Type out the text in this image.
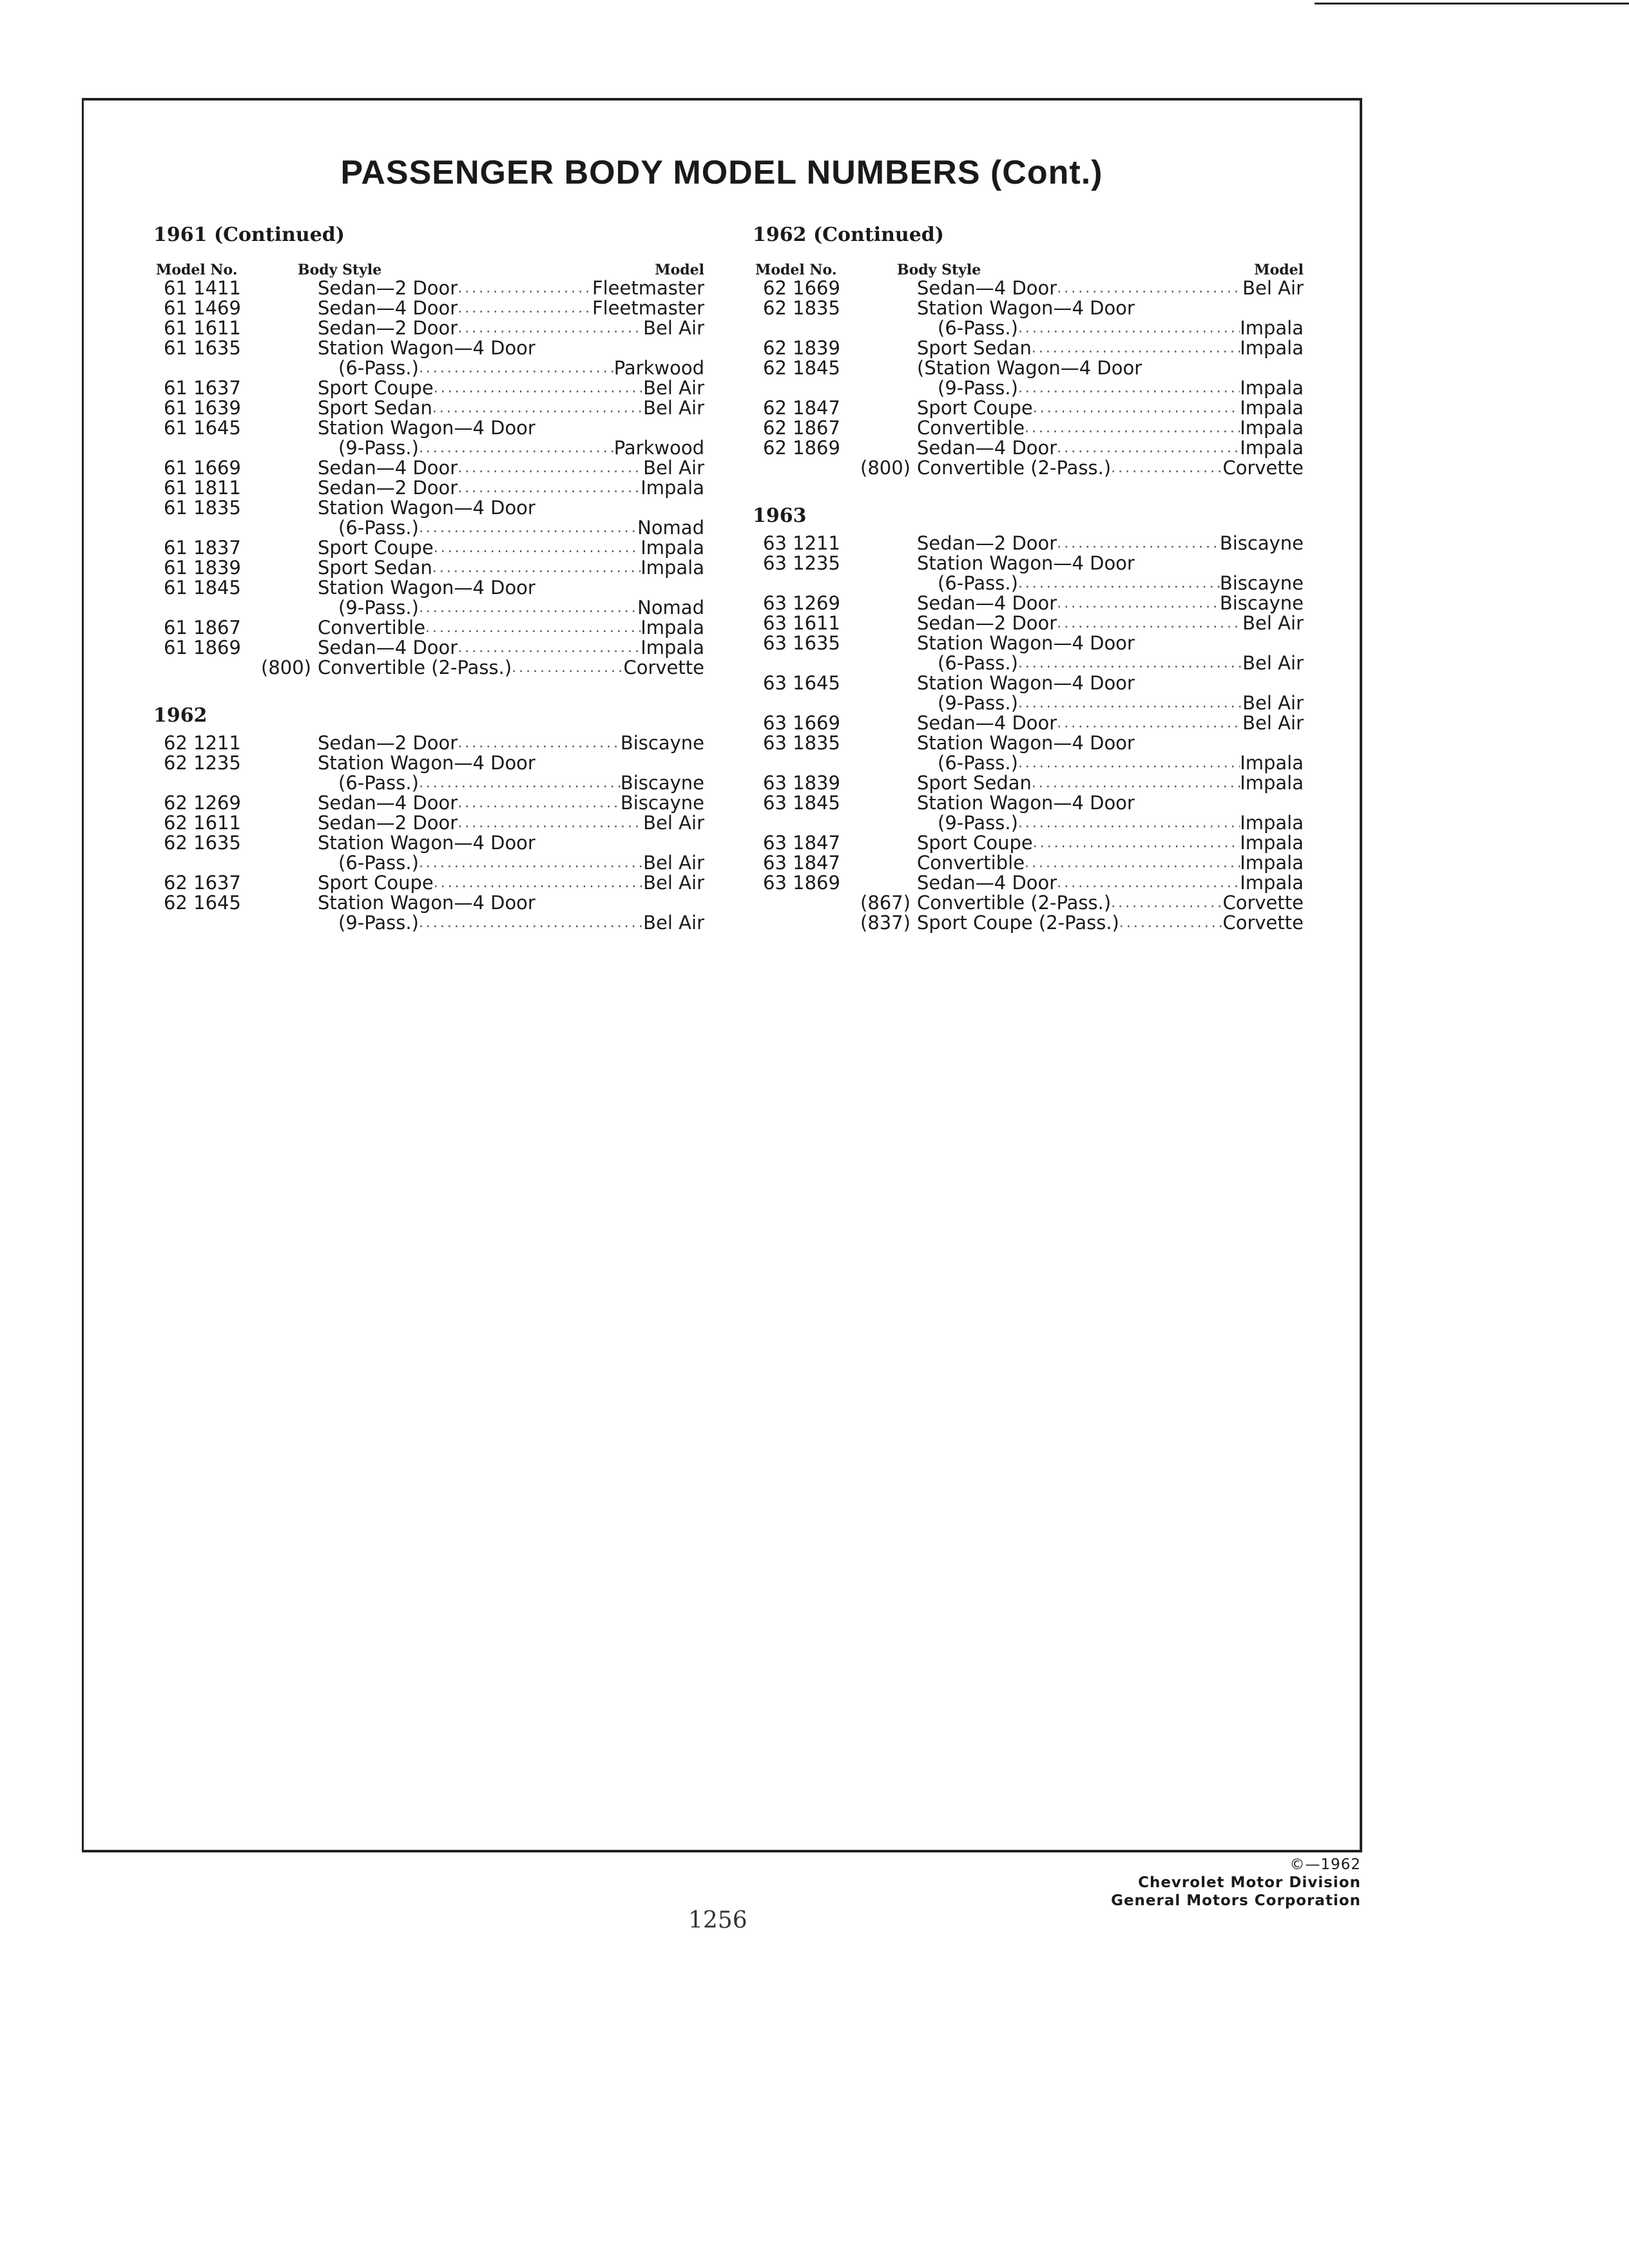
PASSENGER BODY MODEL NUMBERS (Cont.)
1961 (Continued)
Model No.	Body Style	Model
61 1411	Sedan—2 Door .....	Fleetmaster
61 1469	Sedan—4 Door .....	Fleetmaster
61 1611	Sedan—2 Door .....	Bel Air
61 1635	Station Wagon—4 Door
(6-Pass.) .....	Parkwood
61 1637	Sport Coupe .....	Bel Air
61 1639	Sport Sedan .....	Bel Air
61 1645	Station Wagon—4 Door
(9-Pass.) .....	Parkwood
61 1669	Sedan—4 Door .....	Bel Air
61 1811	Sedan—2 Door .....	Impala
61 1835	Station Wagon—4 Door
(6-Pass.) .....	Nomad
61 1837	Sport Coupe .....	Impala
61 1839	Sport Sedan .....	Impala
61 1845	Station Wagon—4 Door
(9-Pass.) .....	Nomad
61 1867	Convertible .....	Impala
61 1869	Sedan—4 Door .....	Impala
(800) Convertible (2-Pass.) .....	Corvette
1962
62 1211	Sedan—2 Door .....	Biscayne
62 1235	Station Wagon—4 Door
(6-Pass.) .....	Biscayne
62 1269	Sedan—4 Door .....	Biscayne
62 1611	Sedan—2 Door .....	Bel Air
62 1635	Station Wagon—4 Door
(6-Pass.) .....	Bel Air
62 1637	Sport Coupe .....	Bel Air
62 1645	Station Wagon—4 Door
(9-Pass.) .....	Bel Air
1962 (Continued)
Model No.	Body Style	Model
62 1669	Sedan—4 Door .....	Bel Air
62 1835	Station Wagon—4 Door
(6-Pass.) .....	Impala
62 1839	Sport Sedan .....	Impala
62 1845	(Station Wagon—4 Door
(9-Pass.) .....	Impala
62 1847	Sport Coupe .....	Impala
62 1867	Convertible .....	Impala
62 1869	Sedan—4 Door .....	Impala
(800) Convertible (2-Pass.) .....	Corvette
1963
63 1211	Sedan—2 Door .....	Biscayne
63 1235	Station Wagon—4 Door
(6-Pass.) .....	Biscayne
63 1269	Sedan—4 Door .....	Biscayne
63 1611	Sedan—2 Door .....	Bel Air
63 1635	Station Wagon—4 Door
(6-Pass.) .....	Bel Air
63 1645	Station Wagon—4 Door
(9-Pass.) .....	Bel Air
63 1669	Sedan—4 Door .....	Bel Air
63 1835	Station Wagon—4 Door
(6-Pass.) .....	Impala
63 1839	Sport Sedan .....	Impala
63 1845	Station Wagon—4 Door
(9-Pass.) .....	Impala
63 1847	Sport Coupe .....	Impala
63 1847	Convertible .....	Impala
63 1869	Sedan—4 Door .....	Impala
(867) Convertible (2-Pass.) .....	Corvette
(837) Sport Coupe (2-Pass.) .....	Corvette
1256
©—1962
Chevrolet Motor Division
General Motors Corporation
